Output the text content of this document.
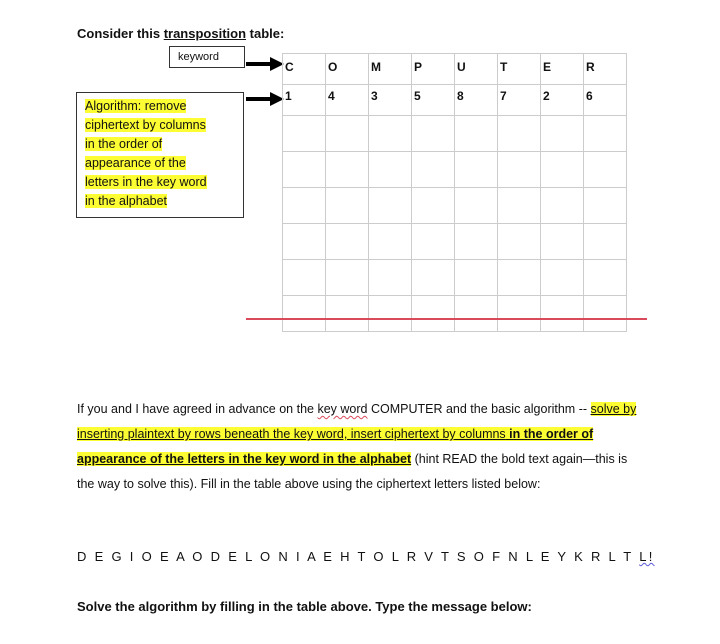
Consider this transposition table:
keyword
Algorithm: remove
ciphertext by columns
in the order of
appearance of the
letters in the key word
in the alphabet
C	O	M	P	U	T	E	R
1	4	3	5	8	7	2	6

If you and I have agreed in advance on the key word COMPUTER and the basic algorithm -- solve by inserting plaintext by rows beneath the key word, insert ciphertext by columns in the order of appearance of the letters in the key word in the alphabet (hint READ the bold text again—this is the way to solve this). Fill in the table above using the ciphertext letters listed below:
D E G I O E A O D E L O N I A E H T O L R V T S O F N L E Y K R L T L!
Solve the algorithm by filling in the table above. Type the message below:
